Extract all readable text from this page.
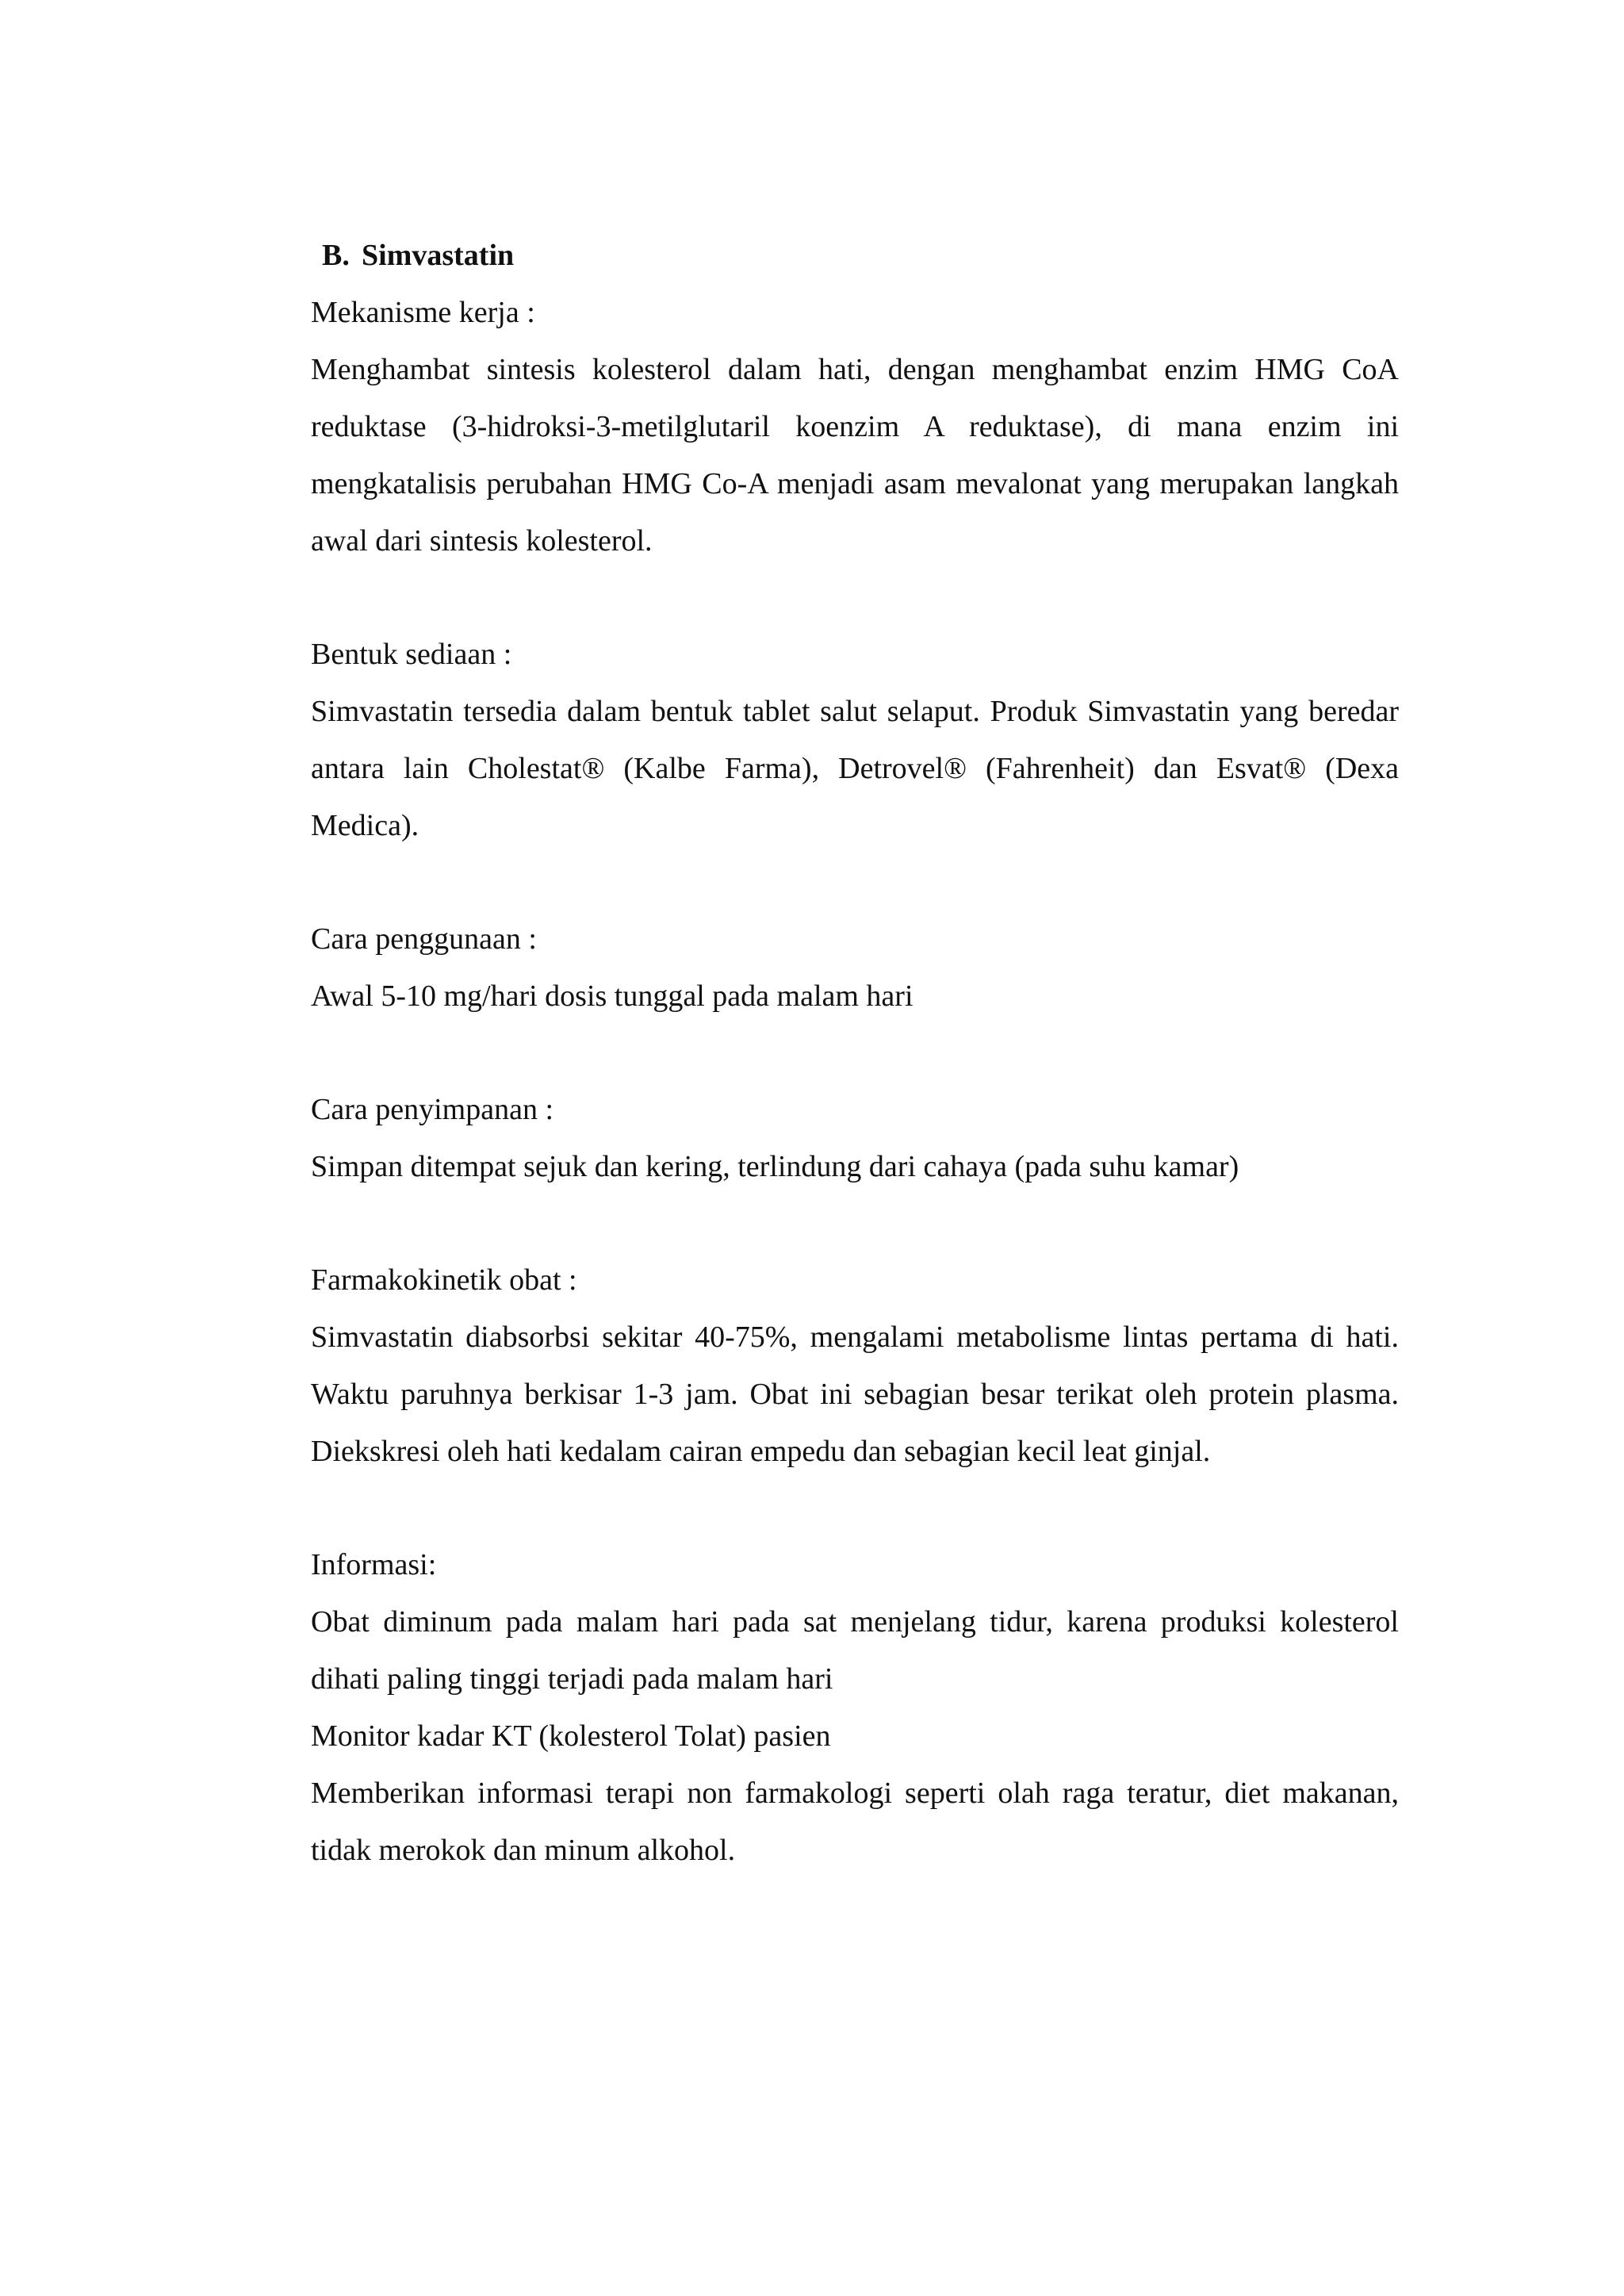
B. Simvastatin
Mekanisme kerja :
Menghambat sintesis kolesterol dalam hati, dengan menghambat enzim HMG CoA reduktase (3-hidroksi-3-metilglutaril koenzim A reduktase), di mana enzim ini mengkatalisis perubahan HMG Co-A menjadi asam mevalonat yang merupakan langkah awal dari sintesis kolesterol.
Bentuk sediaan :
Simvastatin tersedia dalam bentuk tablet salut selaput. Produk Simvastatin yang beredar antara lain Cholestat® (Kalbe Farma), Detrovel® (Fahrenheit) dan Esvat® (Dexa Medica).
Cara penggunaan :
Awal 5-10 mg/hari dosis tunggal pada malam hari
Cara penyimpanan :
Simpan ditempat sejuk dan kering, terlindung dari cahaya (pada suhu kamar)
Farmakokinetik obat :
Simvastatin diabsorbsi sekitar 40-75%, mengalami metabolisme lintas pertama di hati. Waktu paruhnya berkisar 1-3 jam. Obat ini sebagian besar terikat oleh protein plasma. Diekskresi oleh hati kedalam cairan empedu dan sebagian kecil leat ginjal.
Informasi:
Obat diminum pada malam hari pada sat menjelang tidur, karena produksi kolesterol dihati paling tinggi terjadi pada malam hari
Monitor kadar KT (kolesterol Tolat) pasien
Memberikan informasi terapi non farmakologi seperti olah raga teratur, diet makanan, tidak merokok dan minum alkohol.
